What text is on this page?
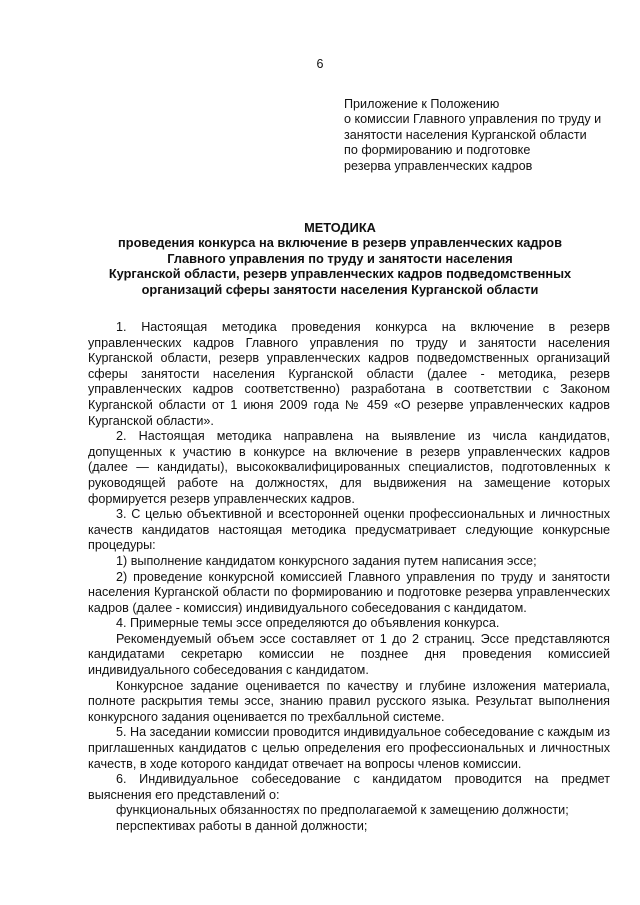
6
Приложение к Положению
о комиссии Главного управления по труду и
занятости населения Курганской области
по формированию и подготовке
резерва управленческих кадров
МЕТОДИКА
проведения конкурса на включение в резерв управленческих кадров
Главного управления по труду и занятости населения
Курганской области, резерв управленческих кадров подведомственных
организаций сферы занятости населения Курганской области

1. Настоящая методика проведения конкурса на включение в резерв управленческих кадров Главного управления по труду и занятости населения Курганской области, резерв управленческих кадров подведомственных организаций сферы занятости населения Курганской области (далее - методика, резерв управленческих кадров соответственно) разработана в соответствии с Законом Курганской области от 1 июня 2009 года № 459 «О резерве управленческих кадров Курганской области».

2. Настоящая методика направлена на выявление из числа кандидатов, допущенных к участию в конкурсе на включение в резерв управленческих кадров (далее — кандидаты), высококвалифицированных специалистов, подготовленных к руководящей работе на должностях, для выдвижения на замещение которых формируется резерв управленческих кадров.

3. С целью объективной и всесторонней оценки профессиональных и личностных качеств кандидатов настоящая методика предусматривает следующие конкурсные процедуры:

1) выполнение кандидатом конкурсного задания путем написания эссе;

2) проведение конкурсной комиссией Главного управления по труду и занятости населения Курганской области по формированию и подготовке резерва управленческих кадров (далее - комиссия) индивидуального собеседования с кандидатом.

4. Примерные темы эссе определяются до объявления конкурса.

Рекомендуемый объем эссе составляет от 1 до 2 страниц. Эссе представляются кандидатами секретарю комиссии не позднее дня проведения комиссией индивидуального собеседования с кандидатом.

Конкурсное задание оценивается по качеству и глубине изложения материала, полноте раскрытия темы эссе, знанию правил русского языка. Результат выполнения конкурсного задания оценивается по трехбалльной системе.

5. На заседании комиссии проводится индивидуальное собеседование с каждым из приглашенных кандидатов с целью определения его профессиональных и личностных качеств, в ходе которого кандидат отвечает на вопросы членов комиссии.

6. Индивидуальное собеседование с кандидатом проводится на предмет выяснения его представлений о:

функциональных обязанностях по предполагаемой к замещению должности;

перспективах работы в данной должности;
